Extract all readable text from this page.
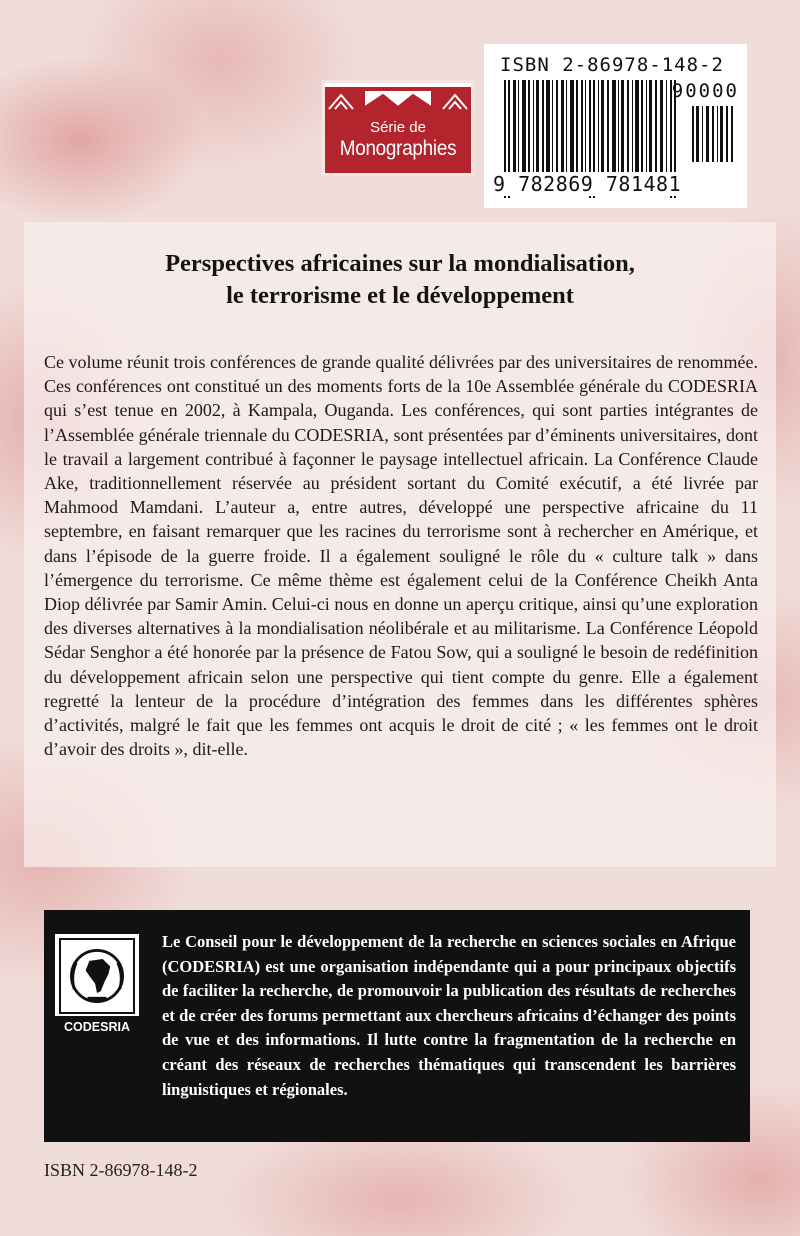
Série de
Monographies
ISBN 2-86978-148-2
90000
9 782869 781481
Perspectives africaines sur la mondialisation,
le terrorisme et le développement
Ce volume réunit trois conférences de grande qualité délivrées par des universitaires de renommée. Ces conférences ont constitué un des moments forts de la 10e Assemblée générale du CODESRIA qui s’est tenue en 2002, à Kampala, Ouganda. Les conférences, qui sont parties intégrantes de l’Assemblée générale triennale du CODESRIA, sont présentées par d’éminents universitaires, dont le travail a largement contribué à façonner le paysage intellectuel africain. La Conférence Claude Ake, traditionnellement réservée au président sortant du Comité exécutif, a été livrée par Mahmood Mamdani. L’auteur a, entre autres, développé une perspective africaine du 11 septembre, en faisant remarquer que les racines du terrorisme sont à rechercher en Amérique, et dans l’épisode de la guerre froide. Il a également souligné le rôle du « culture talk » dans l’émergence du terrorisme. Ce même thème est également celui de la Conférence Cheikh Anta Diop délivrée par Samir Amin. Celui-ci nous en donne un aperçu critique, ainsi qu’une exploration des diverses alternatives à la mondialisation néolibérale et au militarisme. La Conférence Léopold Sédar Senghor a été honorée par la présence de Fatou Sow, qui a souligné le besoin de redéfinition du développement africain selon une perspective qui tient compte du genre. Elle a également regretté la lenteur de la procédure d’intégration des femmes dans les différentes sphères d’activités, malgré le fait que les femmes ont acquis le droit de cité ; « les femmes ont le droit d’avoir des droits », dit-elle.
CODESRIA
Le Conseil pour le développement de la recherche en sciences sociales en Afrique (CODESRIA) est une organisation indépendante qui a pour principaux objectifs de faciliter la recherche, de promouvoir la publication des résultats de recherches et de créer des forums permettant aux chercheurs africains d’échanger des points de vue et des informations. Il lutte contre la fragmentation de la recherche en créant des réseaux de recherches thématiques qui transcendent les barrières linguistiques et régionales.
ISBN 2-86978-148-2
